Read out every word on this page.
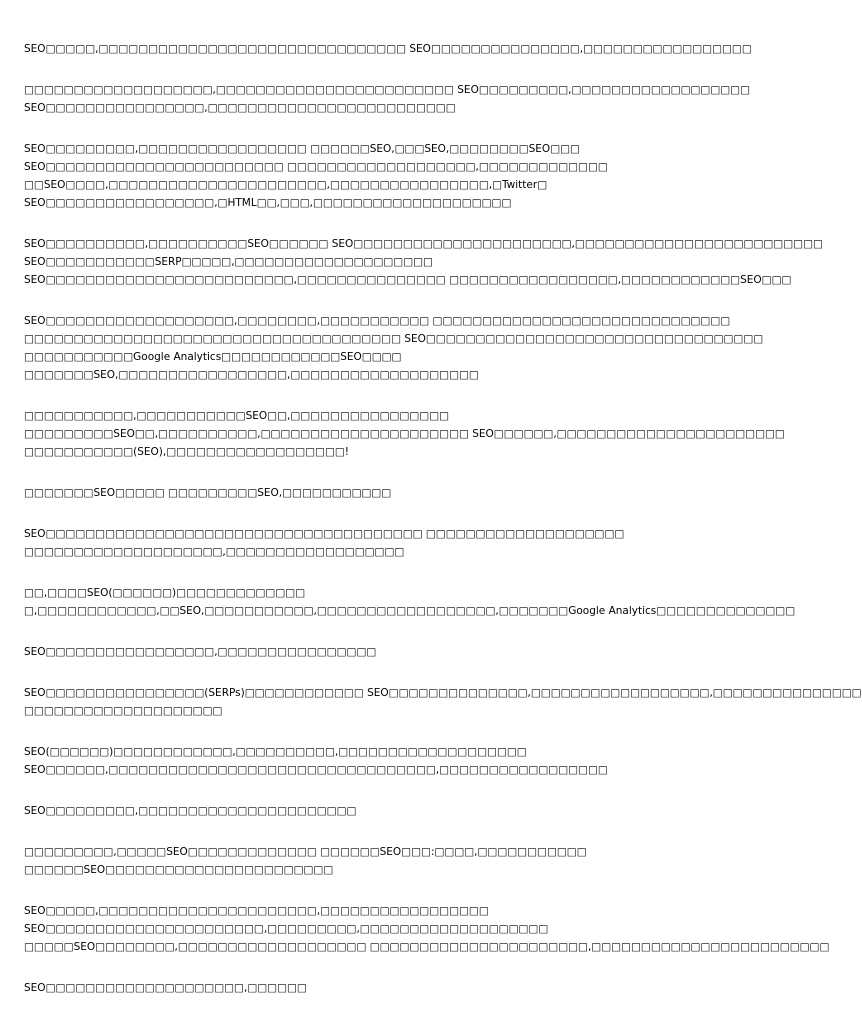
SEO□□□□□,□□□□□□□□□□□□□□□□□□□□□□□□□□□□□□□ SEO□□□□□□□□□□□□□□□,□□□□□□□□□□□□□□□□□
□□□□□□□□□□□□□□□□□□□,□□□□□□□□□□□□□□□□□□□□□□□□ SEO□□□□□□□□□,□□□□□□□□□□□□□□□□□□
SEO□□□□□□□□□□□□□□□□,□□□□□□□□□□□□□□□□□□□□□□□□□
SEO□□□□□□□□□,□□□□□□□□□□□□□□□□□ □□□□□□SEO,□□□SEO,□□□□□□□□SEO□□□
SEO□□□□□□□□□□□□□□□□□□□□□□□□ □□□□□□□□□□□□□□□□□□□,□□□□□□□□□□□□□
□□SEO□□□□,□□□□□□□□□□□□□□□□□□□□□□,□□□□□□□□□□□□□□□□,□Twitter□
SEO□□□□□□□□□□□□□□□□□,□HTML□□,□□□,□□□□□□□□□□□□□□□□□□□□
SEO□□□□□□□□□□,□□□□□□□□□□SEO□□□□□□ SEO□□□□□□□□□□□□□□□□□□□□□□,□□□□□□□□□□□□□□□□□□□□□□□□□
SEO□□□□□□□□□□□SERP□□□□□,□□□□□□□□□□□□□□□□□□□□
SEO□□□□□□□□□□□□□□□□□□□□□□□□□,□□□□□□□□□□□□□□□ □□□□□□□□□□□□□□□□□,□□□□□□□□□□□□SEO□□□
SEO□□□□□□□□□□□□□□□□□□□,□□□□□□□□,□□□□□□□□□□□ □□□□□□□□□□□□□□□□□□□□□□□□□□□□□□
□□□□□□□□□□□□□□□□□□□□□□□□□□□□□□□□□□□□□□ SEO□□□□□□□□□□□□□□□□□□□□□□□□□□□□□□□□□□
□□□□□□□□□□□Google Analytics□□□□□□□□□□□□SEO□□□□
□□□□□□□SEO,□□□□□□□□□□□□□□□□□,□□□□□□□□□□□□□□□□□□□
□□□□□□□□□□□,□□□□□□□□□□□SEO□□,□□□□□□□□□□□□□□□□
□□□□□□□□□SEO□□,□□□□□□□□□□,□□□□□□□□□□□□□□□□□□□□□ SEO□□□□□□,□□□□□□□□□□□□□□□□□□□□□□□
□□□□□□□□□□□(SEO),□□□□□□□□□□□□□□□□□□!
□□□□□□□SEO□□□□□ □□□□□□□□□SEO,□□□□□□□□□□□
SEO□□□□□□□□□□□□□□□□□□□□□□□□□□□□□□□□□□□□□□ □□□□□□□□□□□□□□□□□□□□
□□□□□□□□□□□□□□□□□□□□,□□□□□□□□□□□□□□□□□□
□□,□□□□SEO(□□□□□□)□□□□□□□□□□□□□
□,□□□□□□□□□□□□,□□SEO,□□□□□□□□□□□,□□□□□□□□□□□□□□□□□□,□□□□□□□Google Analytics□□□□□□□□□□□□□□
SEO□□□□□□□□□□□□□□□□□,□□□□□□□□□□□□□□□□
SEO□□□□□□□□□□□□□□□□(SERPs)□□□□□□□□□□□□ SEO□□□□□□□□□□□□□□,□□□□□□□□□□□□□□□□□□,□□□□□□□□□□□□□□□
□□□□□□□□□□□□□□□□□□□□
SEO(□□□□□□)□□□□□□□□□□□□,□□□□□□□□□□,□□□□□□□□□□□□□□□□□□□
SEO□□□□□□,□□□□□□□□□□□□□□□□□□□□□□□□□□□□□□□□□,□□□□□□□□□□□□□□□□□
SEO□□□□□□□□□,□□□□□□□□□□□□□□□□□□□□□□
□□□□□□□□□,□□□□□SEO□□□□□□□□□□□□□ □□□□□□SEO□□□:□□□□,□□□□□□□□□□□
□□□□□□SEO□□□□□□□□□□□□□□□□□□□□□□□
SEO□□□□□,□□□□□□□□□□□□□□□□□□□□□□,□□□□□□□□□□□□□□□□□
SEO□□□□□□□□□□□□□□□□□□□□□□,□□□□□□□□□,□□□□□□□□□□□□□□□□□□□
□□□□□SEO□□□□□□□□,□□□□□□□□□□□□□□□□□□□ □□□□□□□□□□□□□□□□□□□□□□,□□□□□□□□□□□□□□□□□□□□□□□□
SEO□□□□□□□□□□□□□□□□□□□□,□□□□□□
